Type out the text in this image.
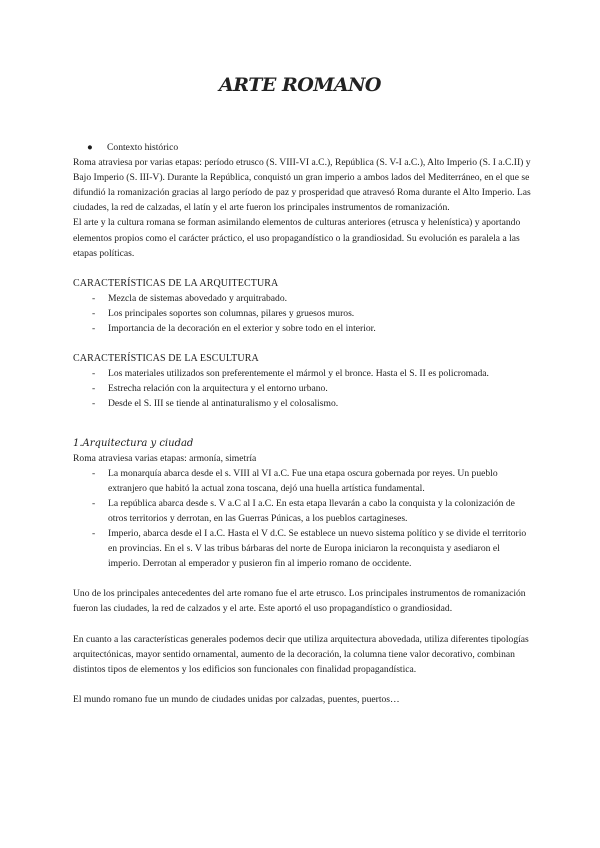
ARTE ROMANO

● Contexto histórico

Roma atraviesa por varias etapas: período etrusco (S. VIII-VI a.C.), República (S. V-I a.C.), Alto Imperio (S. I a.C.II) y Bajo Imperio (S. III-V). Durante la República, conquistó un gran imperio a ambos lados del Mediterráneo, en el que se difundió la romanización gracias al largo período de paz y prosperidad que atravesó Roma durante el Alto Imperio. Las ciudades, la red de calzadas, el latín y el arte fueron los principales instrumentos de romanización.

El arte y la cultura romana se forman asimilando elementos de culturas anteriores (etrusca y helenística) y aportando elementos propios como el carácter práctico, el uso propagandístico o la grandiosidad. Su evolución es paralela a las etapas políticas.

CARACTERÍSTICAS DE LA ARQUITECTURA

- Mezcla de sistemas abovedado y arquitrabado.
- Los principales soportes son columnas, pilares y gruesos muros.
- Importancia de la decoración en el exterior y sobre todo en el interior.

CARACTERÍSTICAS DE LA ESCULTURA

- Los materiales utilizados son preferentemente el mármol y el bronce. Hasta el S. II es policromada.
- Estrecha relación con la arquitectura y el entorno urbano.
- Desde el S. III se tiende al antinaturalismo y el colosalismo.

1.Arquitectura y ciudad

Roma atraviesa varias etapas: armonía, simetría

- La monarquía abarca desde el s. VIII al VI a.C. Fue una etapa oscura gobernada por reyes. Un pueblo extranjero que habitó la actual zona toscana, dejó una huella artística fundamental.
- La república abarca desde s. V a.C al I a.C. En esta etapa llevarán a cabo la conquista y la colonización de otros territorios y derrotan, en las Guerras Púnicas, a los pueblos cartagineses.
- Imperio, abarca desde el I a.C. Hasta el V d.C. Se establece un nuevo sistema político y se divide el territorio en provincias. En el s. V las tribus bárbaras del norte de Europa iniciaron la reconquista y asediaron el imperio. Derrotan al emperador y pusieron fin al imperio romano de occidente.

Uno de los principales antecedentes del arte romano fue el arte etrusco. Los principales instrumentos de romanización fueron las ciudades, la red de calzados y el arte. Este aportó el uso propagandístico o grandiosidad.

En cuanto a las características generales podemos decir que utiliza arquitectura abovedada, utiliza diferentes tipologías arquitectónicas, mayor sentido ornamental, aumento de la decoración, la columna tiene valor decorativo, combinan distintos tipos de elementos y los edificios son funcionales con finalidad propagandística.

El mundo romano fue un mundo de ciudades unidas por calzadas, puentes, puertos…
